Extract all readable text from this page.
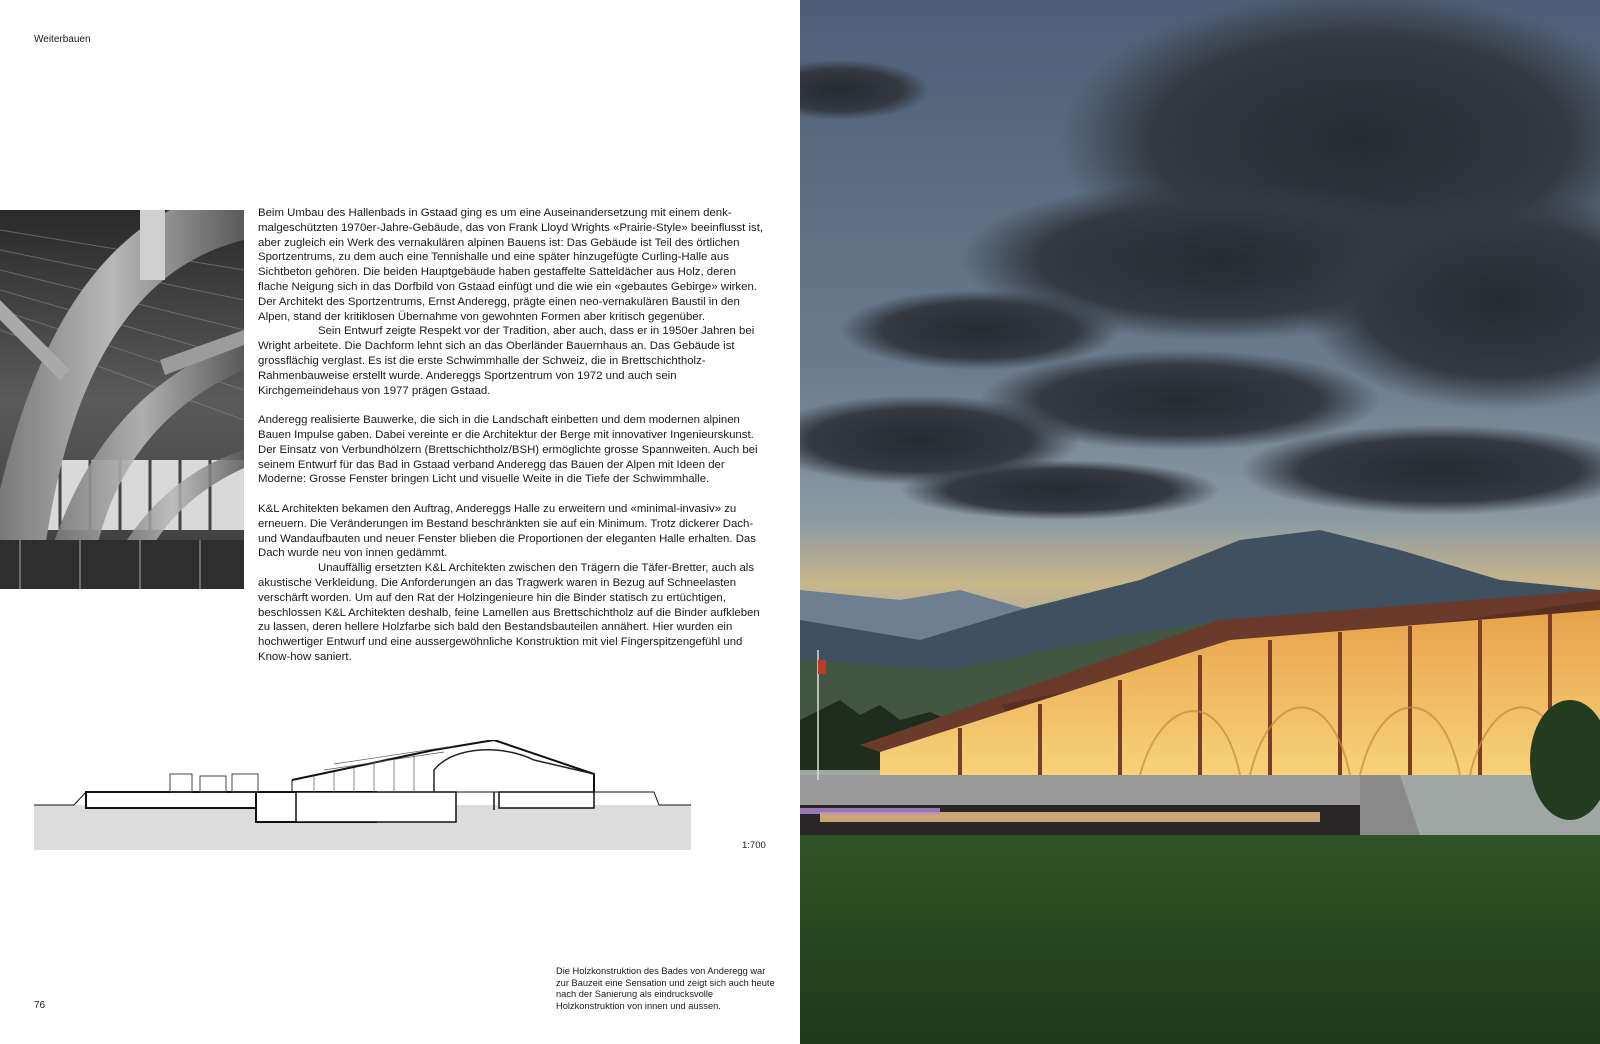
Weiterbauen

Beim Umbau des Hallenbads in Gstaad ging es um eine Auseinandersetzung mit einem denkmalgeschützten 1970er-Jahre-Gebäude, das von Frank Lloyd Wrights «Prairie-Style» beeinflusst ist, aber zugleich ein Werk des vernakulären alpinen Bauens ist: Das Gebäude ist Teil des örtlichen Sportzentrums, zu dem auch eine Tennishalle und eine später hinzugefügte Curling-Halle aus Sichtbeton gehören. Die beiden Hauptgebäude haben gestaffelte Satteldächer aus Holz, deren flache Neigung sich in das Dorfbild von Gstaad einfügt und die wie ein «gebautes Gebirge» wirken. Der Architekt des Sportzentrums, Ernst Anderegg, prägte einen neo-vernakulären Baustil in den Alpen, stand der kritiklosen Übernahme von gewohnten Formen aber kritisch gegenüber.

Sein Entwurf zeigte Respekt vor der Tradition, aber auch, dass er in 1950er Jahren bei Wright arbeitete. Die Dachform lehnt sich an das Oberländer Bauernhaus an. Das Gebäude ist grossflächig verglast. Es ist die erste Schwimmhalle der Schweiz, die in Brettschichtholz-Rahmenbauweise erstellt wurde. Andereggs Sportzentrum von 1972 und auch sein Kirchgemeindehaus von 1977 prägen Gstaad.

Anderegg realisierte Bauwerke, die sich in die Landschaft einbetten und dem modernen alpinen Bauen Impulse gaben. Dabei vereinte er die Architektur der Berge mit innovativer Ingenieurskunst. Der Einsatz von Verbundhölzern (Brettschichtholz/BSH) ermöglichte grosse Spannweiten. Auch bei seinem Entwurf für das Bad in Gstaad verband Anderegg das Bauen der Alpen mit Ideen der Moderne: Grosse Fenster bringen Licht und visuelle Weite in die Tiefe der Schwimmhalle.

K&L Architekten bekamen den Auftrag, Andereggs Halle zu erweitern und «minimal-invasiv» zu erneuern. Die Veränderungen im Bestand beschränkten sie auf ein Minimum. Trotz dickerer Dach- und Wandaufbauten und neuer Fenster blieben die Proportionen der eleganten Halle erhalten. Das Dach wurde neu von innen gedämmt.

Unauffällig ersetzten K&L Architekten zwischen den Trägern die Täfer-Bretter, auch als akustische Verkleidung. Die Anforderungen an das Tragwerk waren in Bezug auf Schneelasten verschärft worden. Um auf den Rat der Holzingenieure hin die Binder statisch zu ertüchtigen, beschlossen K&L Architekten deshalb, feine Lamellen aus Brettschichtholz auf die Binder aufkleben zu lassen, deren hellere Holzfarbe sich bald den Bestandsbauteilen annähert. Hier wurden ein hochwertiger Entwurf und eine aussergewöhnliche Konstruktion mit viel Fingerspitzengefühl und Know-how saniert.

1:700
Die Holzkonstruktion des Bades von Anderegg war zur Bauzeit eine Sensation und zeigt sich auch heute nach der Sanierung als eindrucksvolle Holzkonstruktion von innen und aussen.
76
